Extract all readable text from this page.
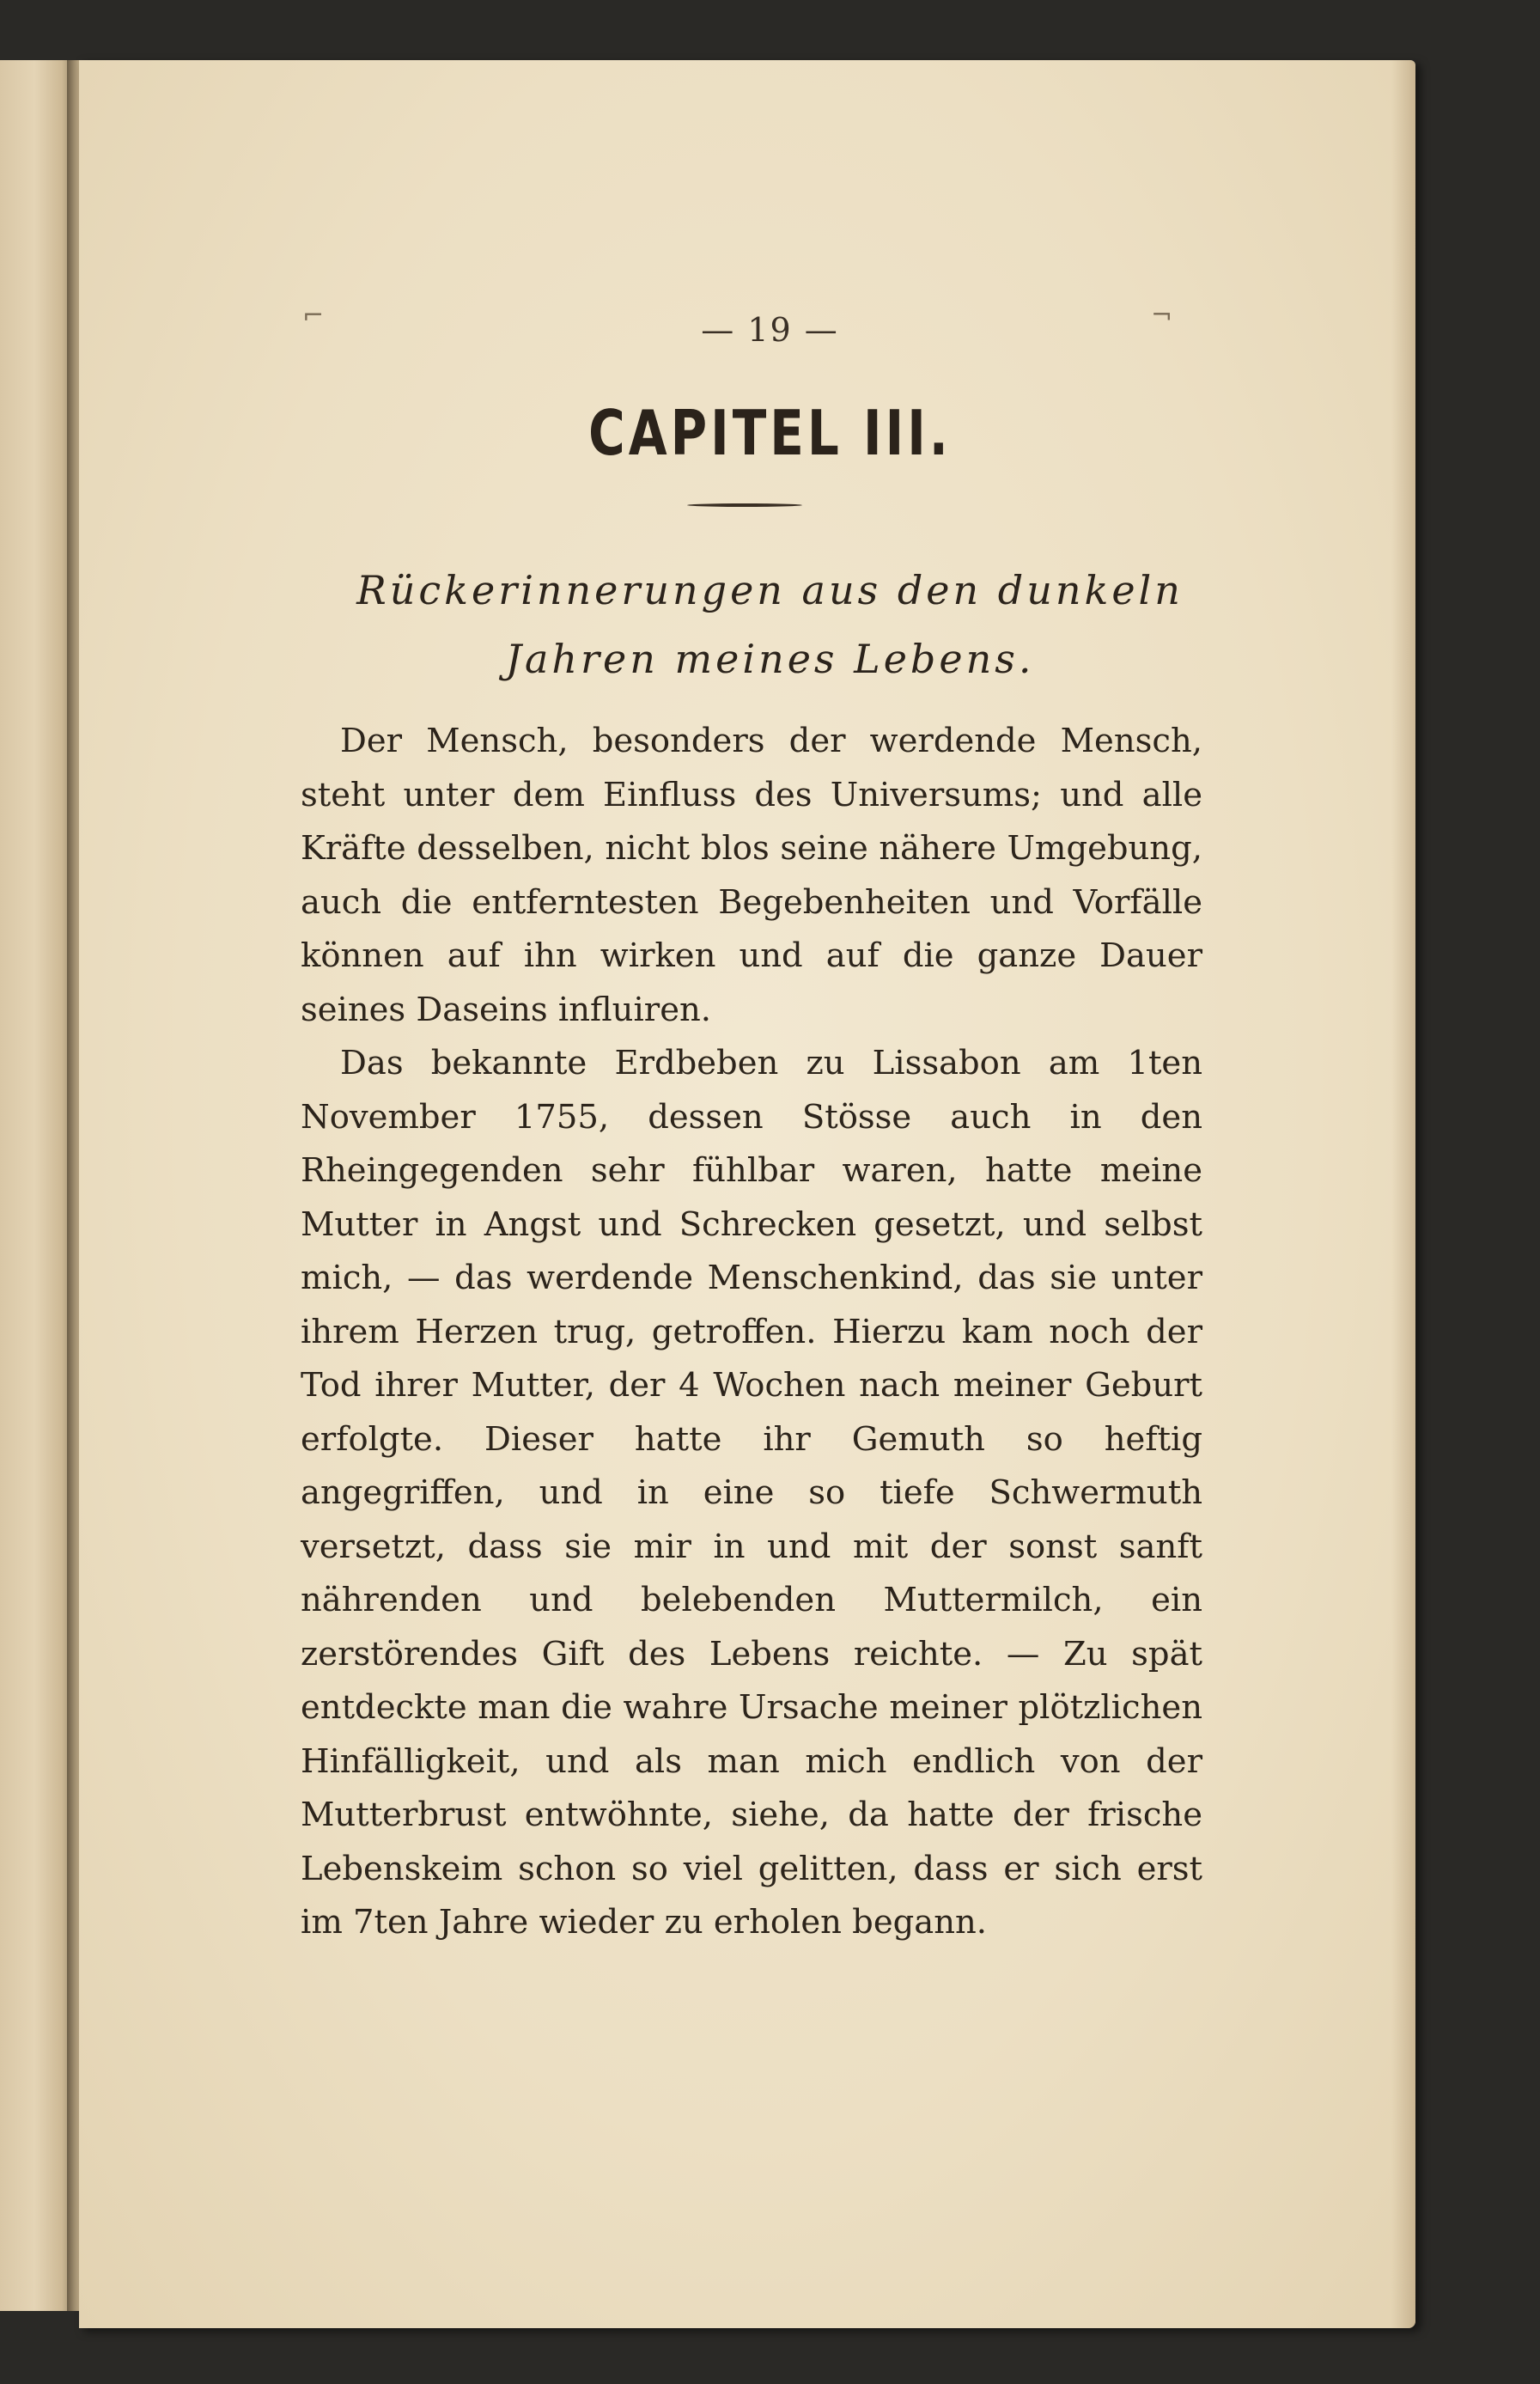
⌐	¬
— 19 —
CAPITEL III.
Rückerinnerungen aus den dunkeln
Jahren meines Lebens.

Der Mensch, besonders der werdende Mensch, steht unter dem Einfluss des Universums; und alle Kräfte desselben, nicht blos seine nähere Umgebung, auch die entferntesten Begebenheiten und Vorfälle können auf ihn wirken und auf die ganze Dauer seines Daseins influiren.

Das bekannte Erdbeben zu Lissabon am 1ten November 1755, dessen Stösse auch in den Rheingegenden sehr fühlbar waren, hatte meine Mutter in Angst und Schrecken gesetzt, und selbst mich, — das werdende Menschenkind, das sie unter ihrem Herzen trug, getroffen. Hierzu kam noch der Tod ihrer Mutter, der 4 Wochen nach meiner Geburt erfolgte. Dieser hatte ihr Gemuth so heftig angegriffen, und in eine so tiefe Schwermuth versetzt, dass sie mir in und mit der sonst sanft nährenden und belebenden Muttermilch, ein zerstörendes Gift des Lebens reichte. — Zu spät entdeckte man die wahre Ursache meiner plötzlichen Hinfälligkeit, und als man mich endlich von der Mutterbrust entwöhnte, siehe, da hatte der frische Lebenskeim schon so viel gelitten, dass er sich erst im 7ten Jahre wieder zu erholen begann.
